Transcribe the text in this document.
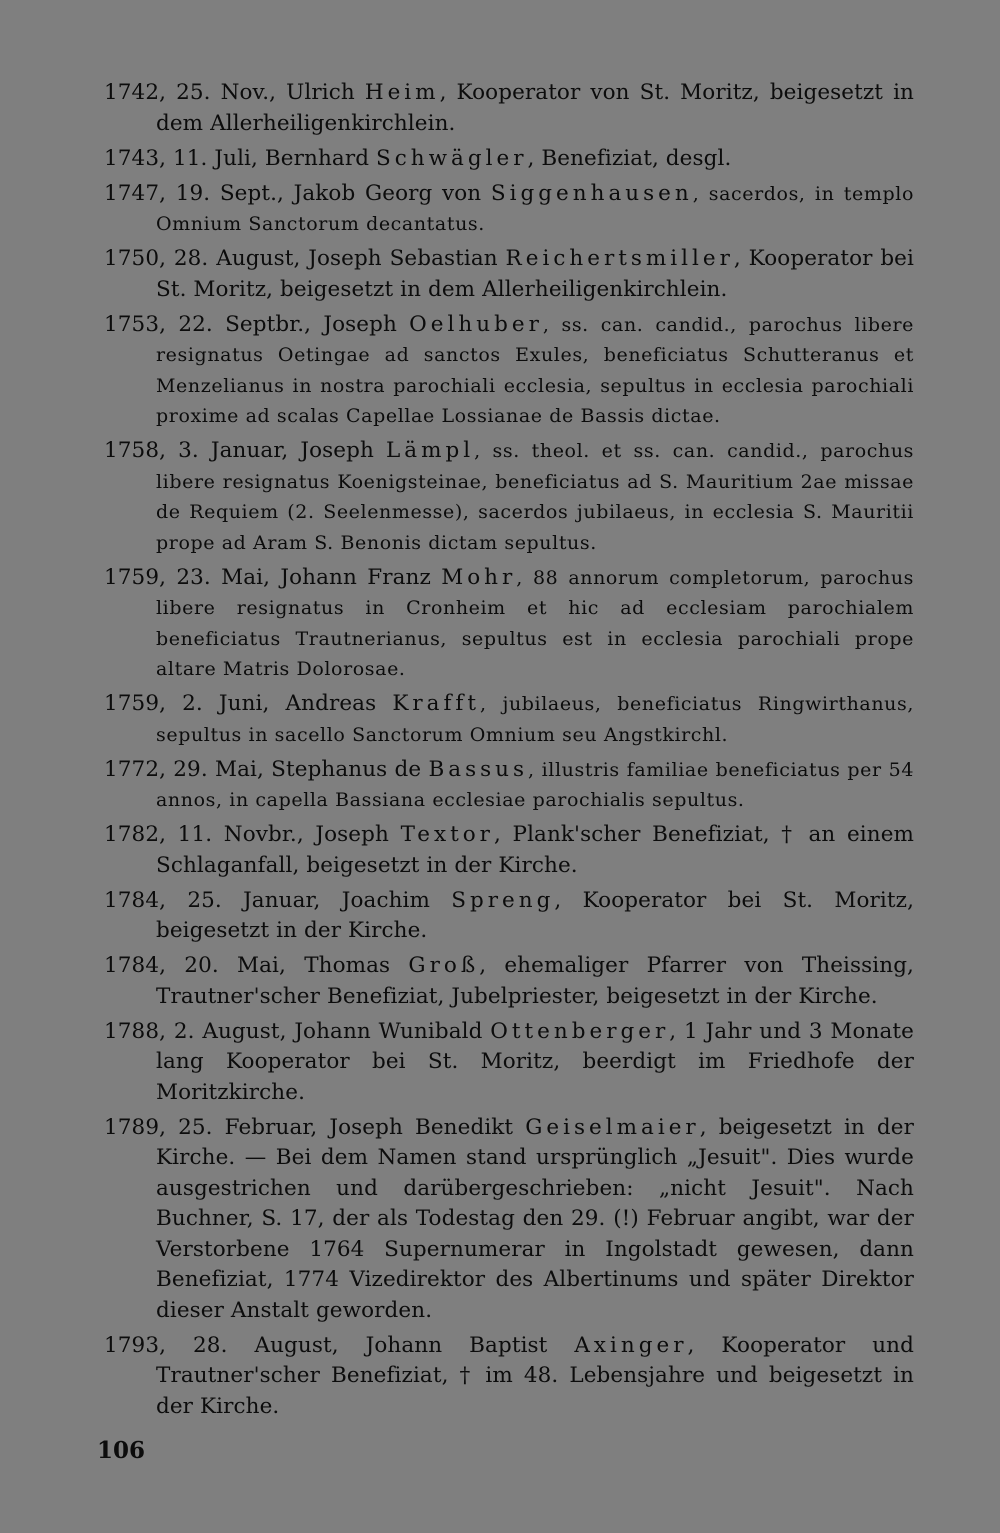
1742, 25. Nov., Ulrich Heim, Kooperator von St. Moritz, beigesetzt in dem Allerheiligenkirchlein.

1743, 11. Juli, Bernhard Schwägler, Benefiziat, desgl.

1747, 19. Sept., Jakob Georg von Siggenhausen, sacerdos, in templo Omnium Sanctorum decantatus.

1750, 28. August, Joseph Sebastian Reichertsmiller, Kooperator bei St. Moritz, beigesetzt in dem Allerheiligenkirchlein.

1753, 22. Septbr., Joseph Oelhuber, ss. can. candid., parochus libere resignatus Oetingae ad sanctos Exules, beneficiatus Schutteranus et Menzelianus in nostra parochiali ecclesia, sepultus in ecclesia parochiali proxime ad scalas Capellae Lossianae de Bassis dictae.

1758, 3. Januar, Joseph Lämpl, ss. theol. et ss. can. candid., parochus libere resignatus Koenigsteinae, beneficiatus ad S. Mauritium 2ae missae de Requiem (2. Seelenmesse), sacerdos jubilaeus, in ecclesia S. Mauritii prope ad Aram S. Benonis dictam sepultus.

1759, 23. Mai, Johann Franz Mohr, 88 annorum completorum, parochus libere resignatus in Cronheim et hic ad ecclesiam parochialem beneficiatus Trautnerianus, sepultus est in ecclesia parochiali prope altare Matris Dolorosae.

1759, 2. Juni, Andreas Krafft, jubilaeus, beneficiatus Ringwirthanus, sepultus in sacello Sanctorum Omnium seu Angstkirchl.

1772, 29. Mai, Stephanus de Bassus, illustris familiae beneficiatus per 54 annos, in capella Bassiana ecclesiae parochialis sepultus.

1782, 11. Novbr., Joseph Textor, Plank'scher Benefiziat, † an einem Schlaganfall, beigesetzt in der Kirche.

1784, 25. Januar, Joachim Spreng, Kooperator bei St. Moritz, beigesetzt in der Kirche.

1784, 20. Mai, Thomas Groß, ehemaliger Pfarrer von Theissing, Trautner'scher Benefiziat, Jubelpriester, beigesetzt in der Kirche.

1788, 2. August, Johann Wunibald Ottenberger, 1 Jahr und 3 Monate lang Kooperator bei St. Moritz, beerdigt im Friedhofe der Moritzkirche.

1789, 25. Februar, Joseph Benedikt Geiselmaier, beigesetzt in der Kirche. — Bei dem Namen stand ursprünglich „Jesuit". Dies wurde ausgestrichen und darübergeschrieben: „nicht Jesuit". Nach Buchner, S. 17, der als Todestag den 29. (!) Februar angibt, war der Verstorbene 1764 Supernumerar in Ingolstadt gewesen, dann Benefiziat, 1774 Vizedirektor des Albertinums und später Direktor dieser Anstalt geworden.

1793, 28. August, Johann Baptist Axinger, Kooperator und Trautner'scher Benefiziat, † im 48. Lebensjahre und beigesetzt in der Kirche.

106
